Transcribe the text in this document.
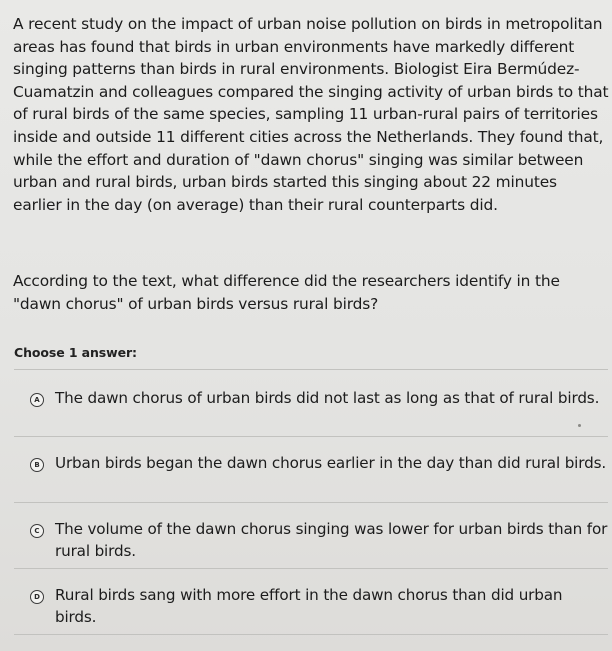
A recent study on the impact of urban noise pollution on birds in metropolitan areas has found that birds in urban environments have markedly different singing patterns than birds in rural environments. Biologist Eira Bermúdez-Cuamatzin and colleagues compared the singing activity of urban birds to that of rural birds of the same species, sampling 11 urban-rural pairs of territories inside and outside 11 different cities across the Netherlands. They found that, while the effort and duration of "dawn chorus" singing was similar between urban and rural birds, urban birds started this singing about 22 minutes earlier in the day (on average) than their rural counterparts did.

According to the text, what difference did the researchers identify in the "dawn chorus" of urban birds versus rural birds?

Choose 1 answer:
A The dawn chorus of urban birds did not last as long as that of rural birds.
B Urban birds began the dawn chorus earlier in the day than did rural birds.
C The volume of the dawn chorus singing was lower for urban birds than for rural birds.
D Rural birds sang with more effort in the dawn chorus than did urban birds.
